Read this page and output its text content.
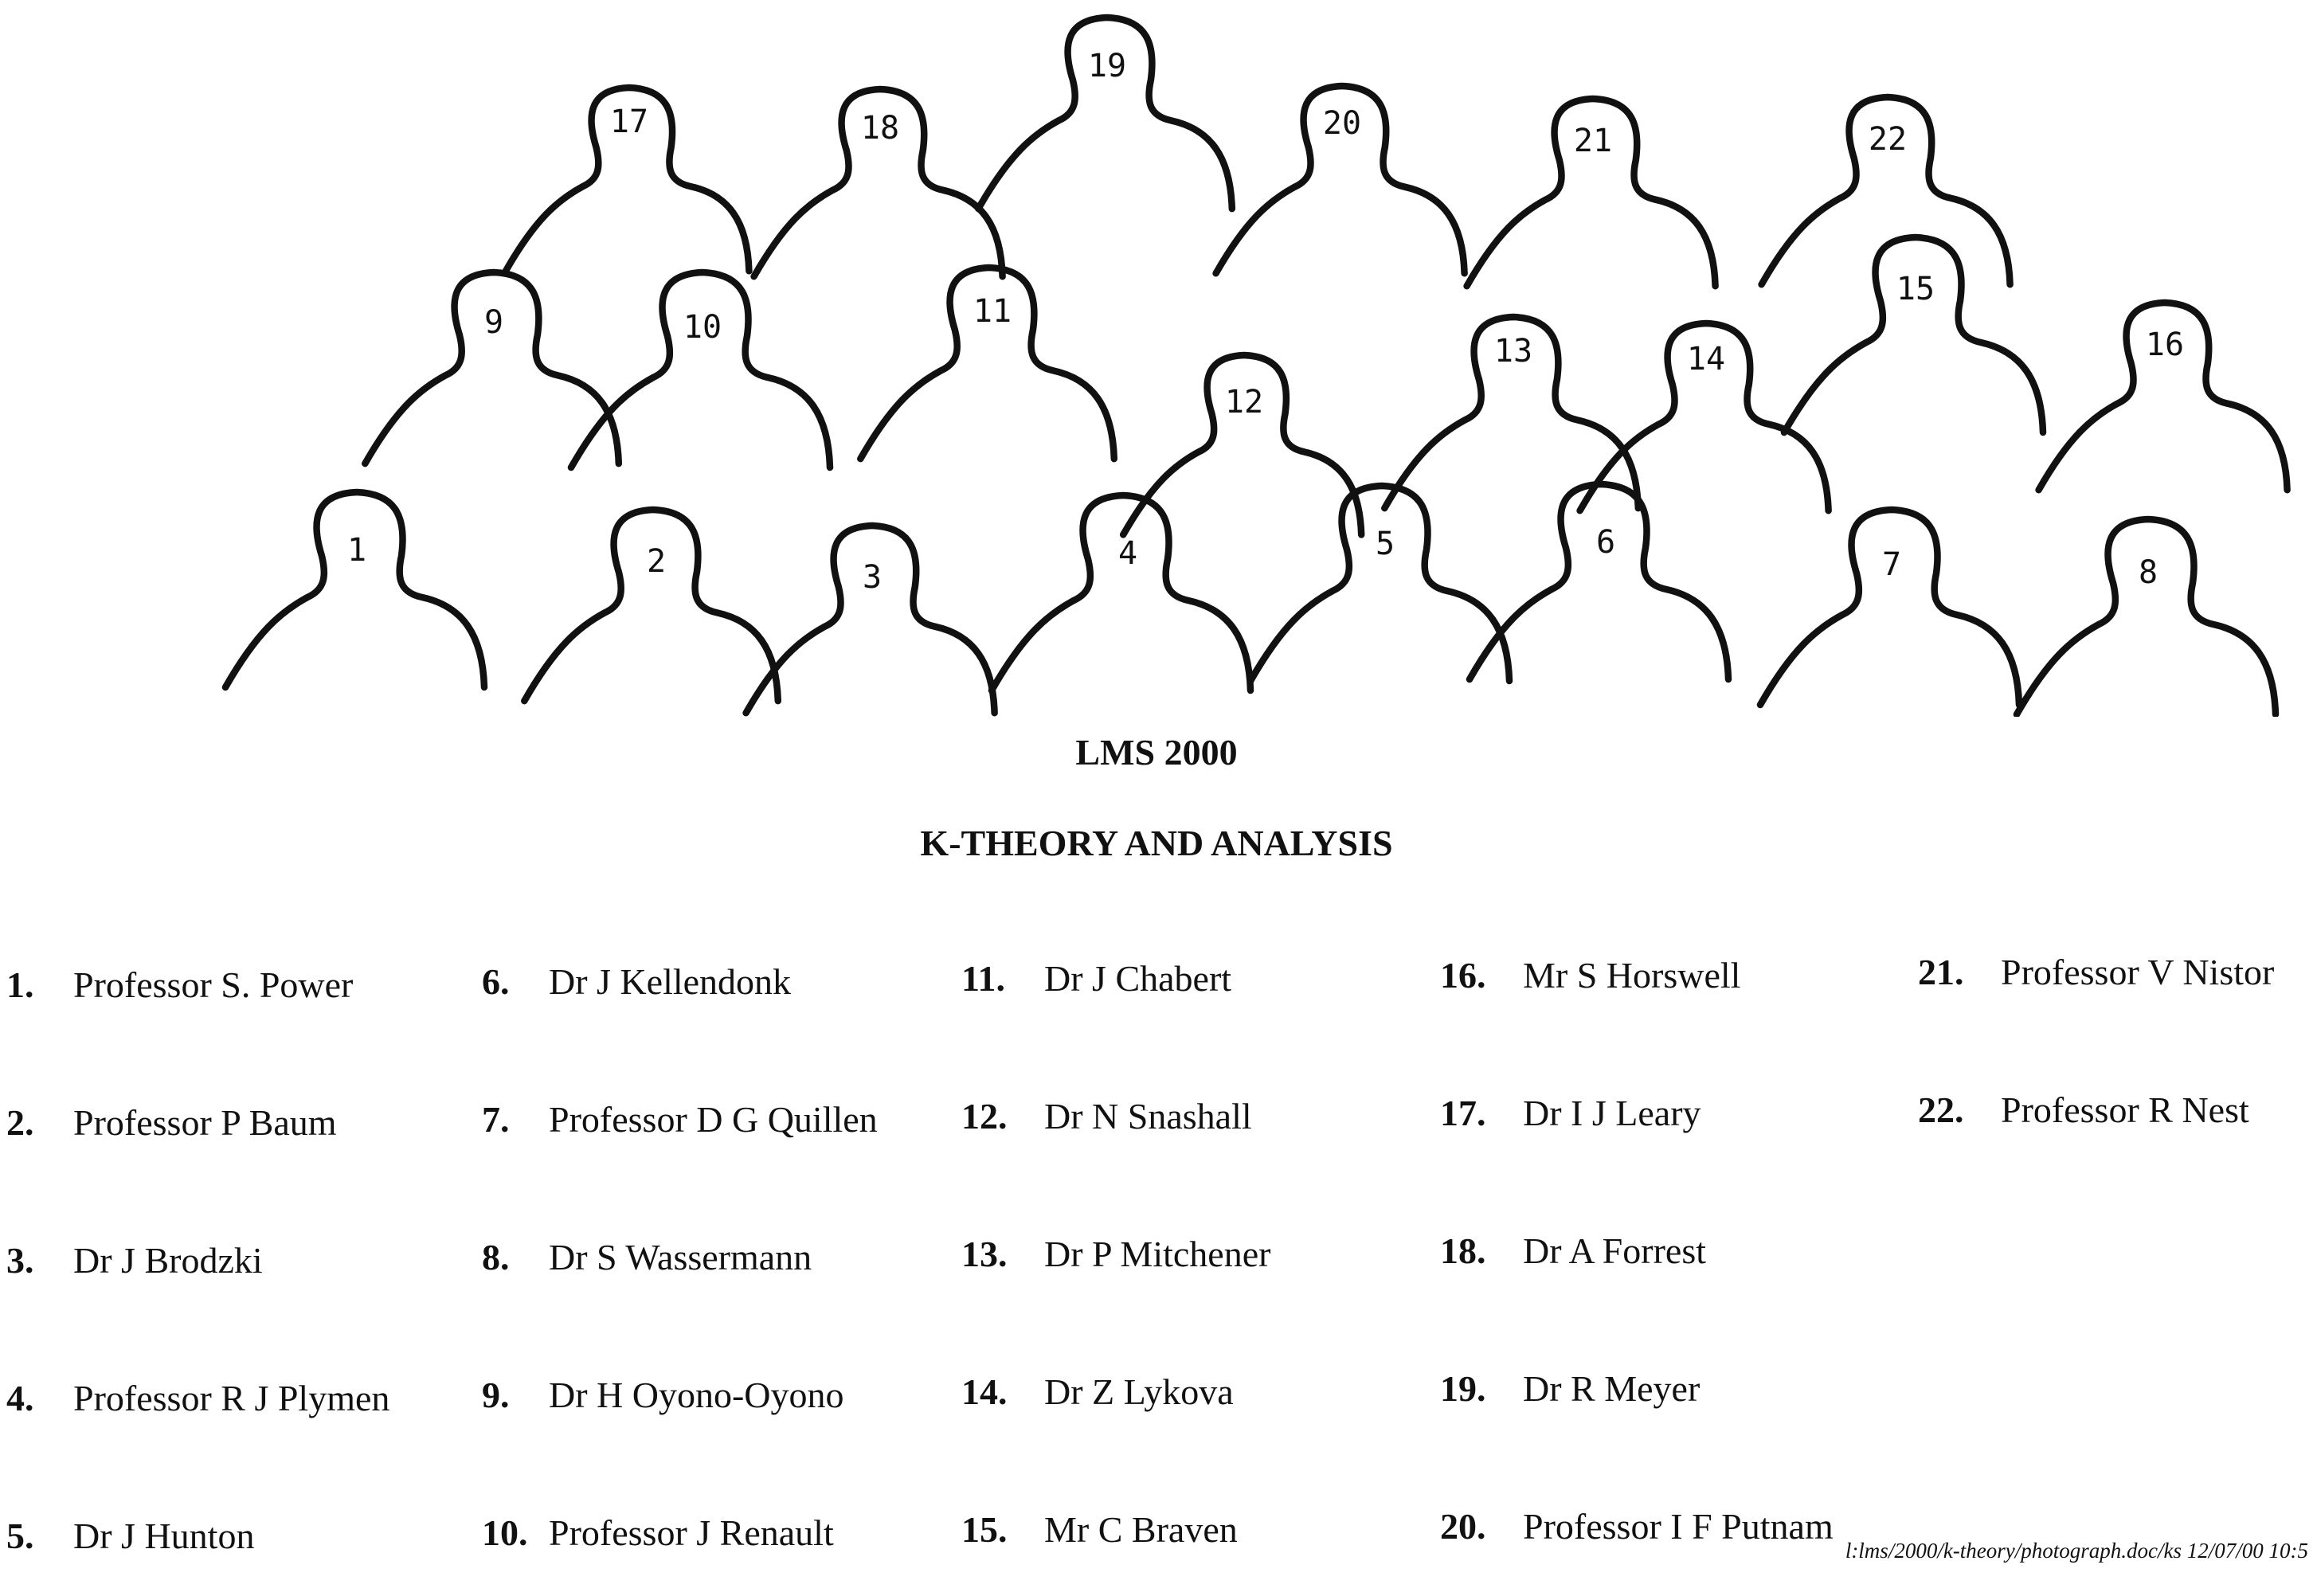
1	2	3
4	5	6
7	8
9	10	11
12
13	14
15
16
17	18
19
20	21	22
LMS 2000
K-THEORY AND ANALYSIS
1. Professor S. Power
2. Professor P Baum
3. Dr J Brodzki
4. Professor R J Plymen
5. Dr J Hunton
6. Dr J Kellendonk
7. Professor D G Quillen
8. Dr S Wassermann
9. Dr H Oyono-Oyono
10. Professor J Renault
11. Dr J Chabert
12. Dr N Snashall
13. Dr P Mitchener
14. Dr Z Lykova
15. Mr C Braven
16. Mr S Horswell
17. Dr I J Leary
18. Dr A Forrest
19. Dr R Meyer
20. Professor I F Putnam
21. Professor V Nistor
22. Professor R Nest
l:lms/2000/k-theory/photograph.doc/ks 12/07/00 10:5
